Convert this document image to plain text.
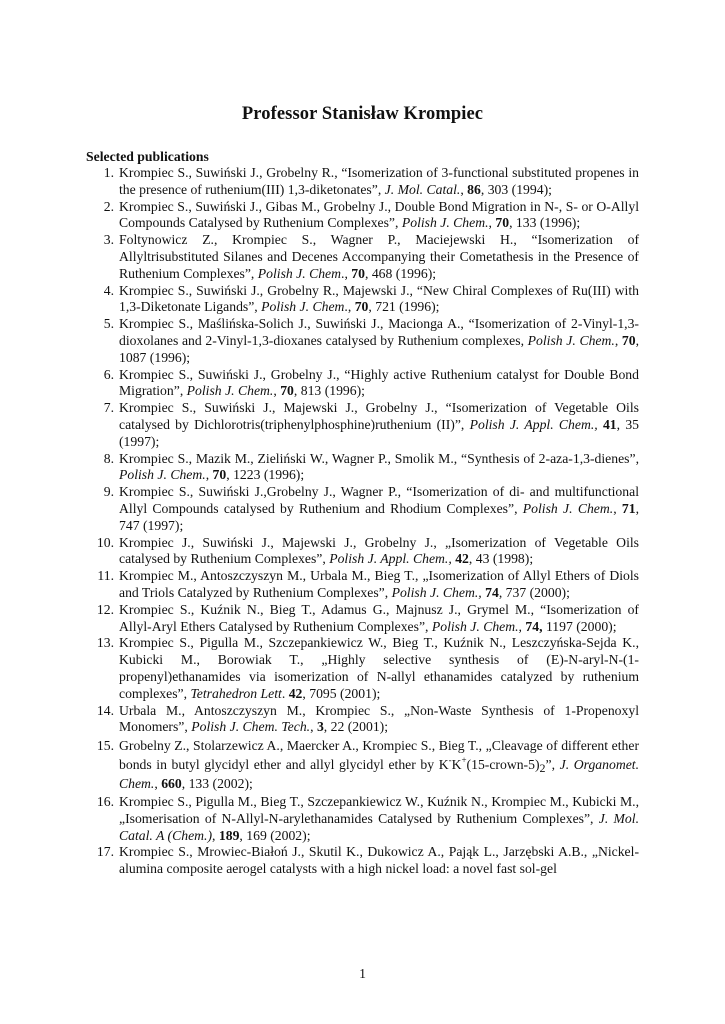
Professor Stanisław Krompiec
Selected publications
1. Krompiec S., Suwiński J., Grobelny R., “Isomerization of 3-functional substituted propenes in the presence of ruthenium(III) 1,3-diketonates”, J. Mol. Catal., 86, 303 (1994);
2. Krompiec S., Suwiński J., Gibas M., Grobelny J., Double Bond Migration in N-, S- or O-Allyl Compounds Catalysed by Ruthenium Complexes”, Polish J. Chem., 70, 133 (1996);
3. Foltynowicz Z., Krompiec S., Wagner P., Maciejewski H., “Isomerization of Allyltrisubstituted Silanes and Decenes Accompanying their Cometathesis in the Presence of Ruthenium Complexes”, Polish J. Chem., 70, 468 (1996);
4. Krompiec S., Suwiński J., Grobelny R., Majewski J., “New Chiral Complexes of Ru(III) with 1,3-Diketonate Ligands”, Polish J. Chem., 70, 721 (1996);
5. Krompiec S., Maślińska-Solich J., Suwiński J., Macionga A., “Isomerization of 2-Vinyl-1,3-dioxolanes and 2-Vinyl-1,3-dioxanes catalysed by Ruthenium complexes, Polish J. Chem., 70, 1087 (1996);
6. Krompiec S., Suwiński J., Grobelny J., “Highly active Ruthenium catalyst for Double Bond Migration”, Polish J. Chem., 70, 813 (1996);
7. Krompiec S., Suwiński J., Majewski J., Grobelny J., “Isomerization of Vegetable Oils catalysed by Dichlorotris(triphenylphosphine)ruthenium (II)”, Polish J. Appl. Chem., 41, 35 (1997);
8. Krompiec S., Mazik M., Zieliński W., Wagner P., Smolik M., “Synthesis of 2-aza-1,3-dienes”, Polish J. Chem., 70, 1223 (1996);
9. Krompiec S., Suwiński J.,Grobelny J., Wagner P., “Isomerization of di- and multifunctional Allyl Compounds catalysed by Ruthenium and Rhodium Complexes”, Polish J. Chem., 71, 747 (1997);
10. Krompiec J., Suwiński J., Majewski J., Grobelny J., „Isomerization of Vegetable Oils catalysed by Ruthenium Complexes”, Polish J. Appl. Chem., 42, 43 (1998);
11. Krompiec M., Antoszczyszyn M., Urbala M., Bieg T., „Isomerization of Allyl Ethers of Diols and Triols Catalyzed by Ruthenium Complexes”, Polish J. Chem., 74, 737 (2000);
12. Krompiec S., Kuźnik N., Bieg T., Adamus G., Majnusz J., Grymel M., “Isomerization of Allyl-Aryl Ethers Catalysed by Ruthenium Complexes”, Polish J. Chem., 74, 1197 (2000);
13. Krompiec S., Pigulla M., Szczepankiewicz W., Bieg T., Kuźnik N., Leszczyńska-Sejda K., Kubicki M., Borowiak T., „Highly selective synthesis of (E)-N-aryl-N-(1-propenyl)ethanamides via isomerization of N-allyl ethanamides catalyzed by ruthenium complexes”, Tetrahedron Lett. 42, 7095 (2001);
14. Urbala M., Antoszczyszyn M., Krompiec S., „Non-Waste Synthesis of 1-Propenoxyl Monomers”, Polish J. Chem. Tech., 3, 22 (2001);
15. Grobelny Z., Stolarzewicz A., Maercker A., Krompiec S., Bieg T., „Cleavage of different ether bonds in butyl glycidyl ether and allyl glycidyl ether by $K^-K^+(15-crown-5)_2$”, J. Organomet. Chem., 660, 133 (2002);
16. Krompiec S., Pigulla M., Bieg T., Szczepankiewicz W., Kuźnik N., Krompiec M., Kubicki M., „Isomerisation of N-Allyl-N-arylethanamides Catalysed by Ruthenium Complexes”, J. Mol. Catal. A (Chem.), 189, 169 (2002);
17. Krompiec S., Mrowiec-Białoń J., Skutil K., Dukowicz A., Pająk L., Jarzębski A.B., „Nickel-alumina composite aerogel catalysts with a high nickel load: a novel fast sol-gel
1
